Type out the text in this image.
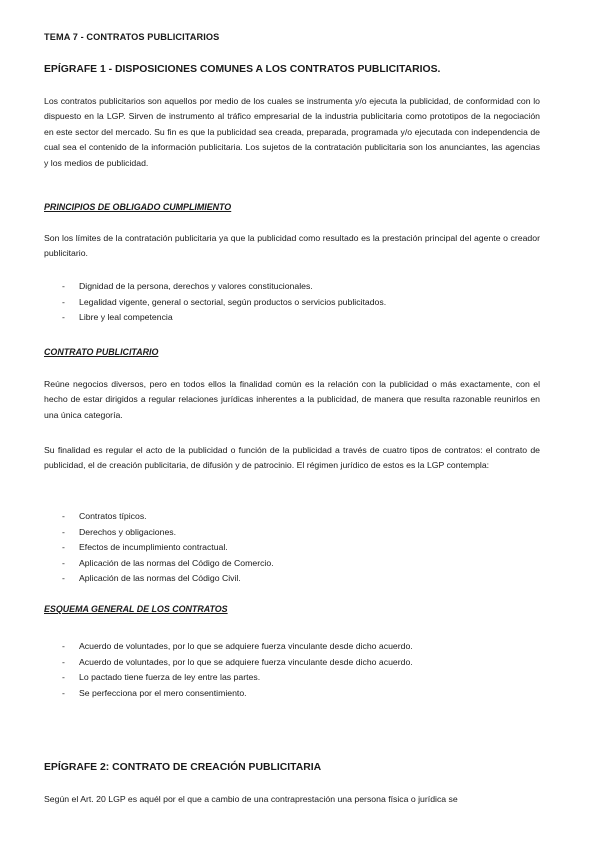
TEMA 7 - CONTRATOS PUBLICITARIOS
EPÍGRAFE 1 - DISPOSICIONES COMUNES A LOS CONTRATOS PUBLICITARIOS.

Los contratos publicitarios son aquellos por medio de los cuales se instrumenta y/o ejecuta la publicidad, de conformidad con lo dispuesto en la LGP. Sirven de instrumento al tráfico empresarial de la industria publicitaria como prototipos de la negociación en este sector del mercado. Su fin es que la publicidad sea creada, preparada, programada y/o ejecutada con independencia de cual sea el contenido de la información publicitaria. Los sujetos de la contratación publicitaria son los anunciantes, las agencias y los medios de publicidad.

PRINCIPIOS DE OBLIGADO CUMPLIMIENTO

Son los límites de la contratación publicitaria ya que la publicidad como resultado es la prestación principal del agente o creador publicitario.

- Dignidad de la persona, derechos y valores constitucionales.
- Legalidad vigente, general o sectorial, según productos o servicios publicitados.
- Libre y leal competencia
CONTRATO PUBLICITARIO

Reúne negocios diversos, pero en todos ellos la finalidad común es la relación con la publicidad o más exactamente, con el hecho de estar dirigidos a regular relaciones jurídicas inherentes a la publicidad, de manera que resulta razonable reunirlos en una única categoría.

Su finalidad es regular el acto de la publicidad o función de la publicidad a través de cuatro tipos de contratos: el contrato de publicidad, el de creación publicitaria, de difusión y de patrocinio. El régimen jurídico de estos es la LGP contempla:

- Contratos típicos.
- Derechos y obligaciones.
- Efectos de incumplimiento contractual.
- Aplicación de las normas del Código de Comercio.
- Aplicación de las normas del Código Civil.
ESQUEMA GENERAL DE LOS CONTRATOS
- Acuerdo de voluntades, por lo que se adquiere fuerza vinculante desde dicho acuerdo.
- Acuerdo de voluntades, por lo que se adquiere fuerza vinculante desde dicho acuerdo.
- Lo pactado tiene fuerza de ley entre las partes.
- Se perfecciona por el mero consentimiento.
EPÍGRAFE 2: CONTRATO DE CREACIÓN PUBLICITARIA

Según el Art. 20 LGP es aquél por el que a cambio de una contraprestación una persona física o jurídica se
